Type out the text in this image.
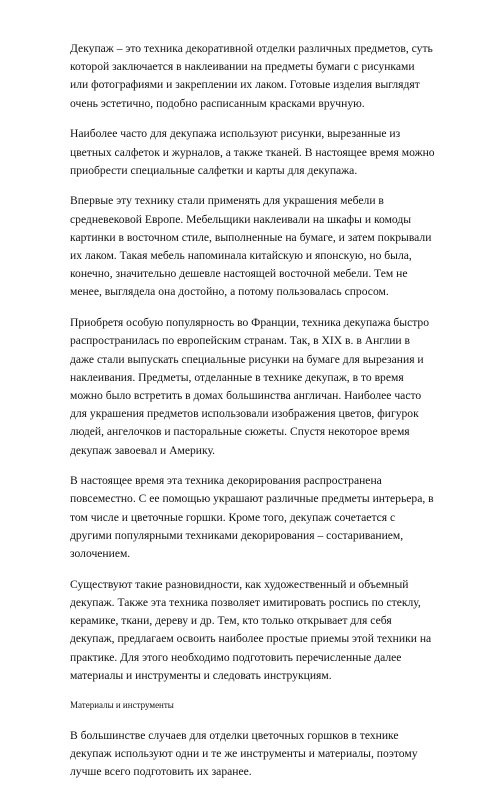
Декупаж – это техника декоративной отделки различных предметов, суть которой заключается в наклеивании на предметы бумаги с рисунками или фотографиями и закреплении их лаком. Готовые изделия выглядят очень эстетично, подобно расписанным красками вручную.

Наиболее часто для декупажа используют рисунки, вырезанные из цветных салфеток и журналов, а также тканей. В настоящее время можно приобрести специальные салфетки и карты для декупажа.

Впервые эту технику стали применять для украшения мебели в средневековой Европе. Мебельщики наклеивали на шкафы и комоды картинки в восточном стиле, выполненные на бумаге, и затем покрывали их лаком. Такая мебель напоминала китайскую и японскую, но была, конечно, значительно дешевле настоящей восточной мебели. Тем не менее, выглядела она достойно, а потому пользовалась спросом.

Приобретя особую популярность во Франции, техника декупажа быстро распространилась по европейским странам. Так, в XIX в. в Англии в даже стали выпускать специальные рисунки на бумаге для вырезания и наклеивания. Предметы, отделанные в технике декупаж, в то время можно было встретить в домах большинства англичан. Наиболее часто для украшения предметов использовали изображения цветов, фигурок людей, ангелочков и пасторальные сюжеты. Спустя некоторое время декупаж завоевал и Америку.

В настоящее время эта техника декорирования распространена повсеместно. С ее помощью украшают различные предметы интерьера, в том числе и цветочные горшки. Кроме того, декупаж сочетается с другими популярными техниками декорирования – состариванием, золочением.

Существуют такие разновидности, как художественный и объемный декупаж. Также эта техника позволяет имитировать роспись по стеклу, керамике, ткани, дереву и др. Тем, кто только открывает для себя декупаж, предлагаем освоить наиболее простые приемы этой техники на практике. Для этого необходимо подготовить перечисленные далее материалы и инструменты и следовать инструкциям.

Материалы и инструменты

В большинстве случаев для отделки цветочных горшков в технике декупаж используют одни и те же инструменты и материалы, поэтому лучше всего подготовить их заранее.
